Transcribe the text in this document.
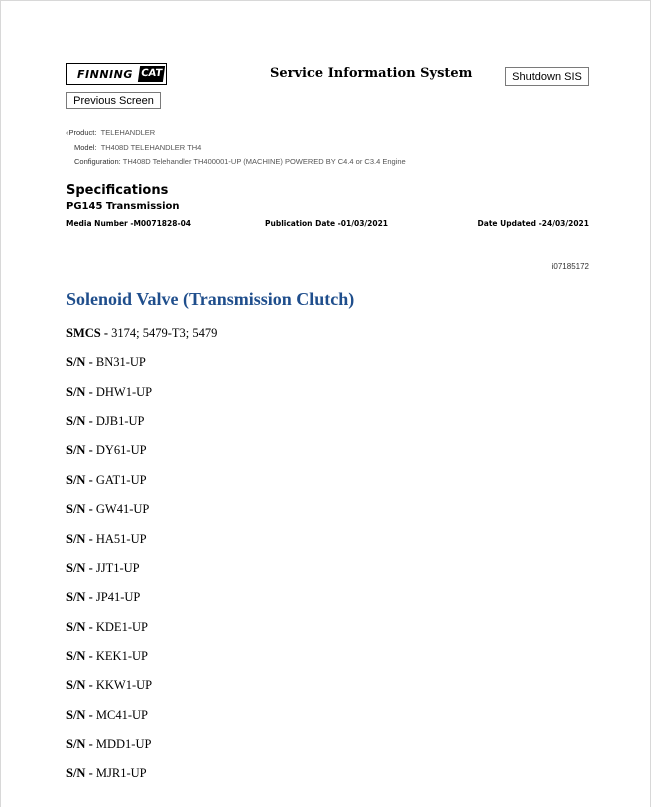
FINNING CAT	Service Information System	Shutdown SIS
Previous Screen
‹Product: TELEHANDLER
Model: TH408D TELEHANDLER TH4
Configuration: TH408D Telehandler TH400001-UP (MACHINE) POWERED BY C4.4 or C3.4 Engine
Specifications
PG145 Transmission
Media Number -M0071828-04	Publication Date -01/03/2021	Date Updated -24/03/2021
i07185172
Solenoid Valve (Transmission Clutch)
SMCS - 3174; 5479-T3; 5479
S/N - BN31-UP
S/N - DHW1-UP
S/N - DJB1-UP
S/N - DY61-UP
S/N - GAT1-UP
S/N - GW41-UP
S/N - HA51-UP
S/N - JJT1-UP
S/N - JP41-UP
S/N - KDE1-UP
S/N - KEK1-UP
S/N - KKW1-UP
S/N - MC41-UP
S/N - MDD1-UP
S/N - MJR1-UP
